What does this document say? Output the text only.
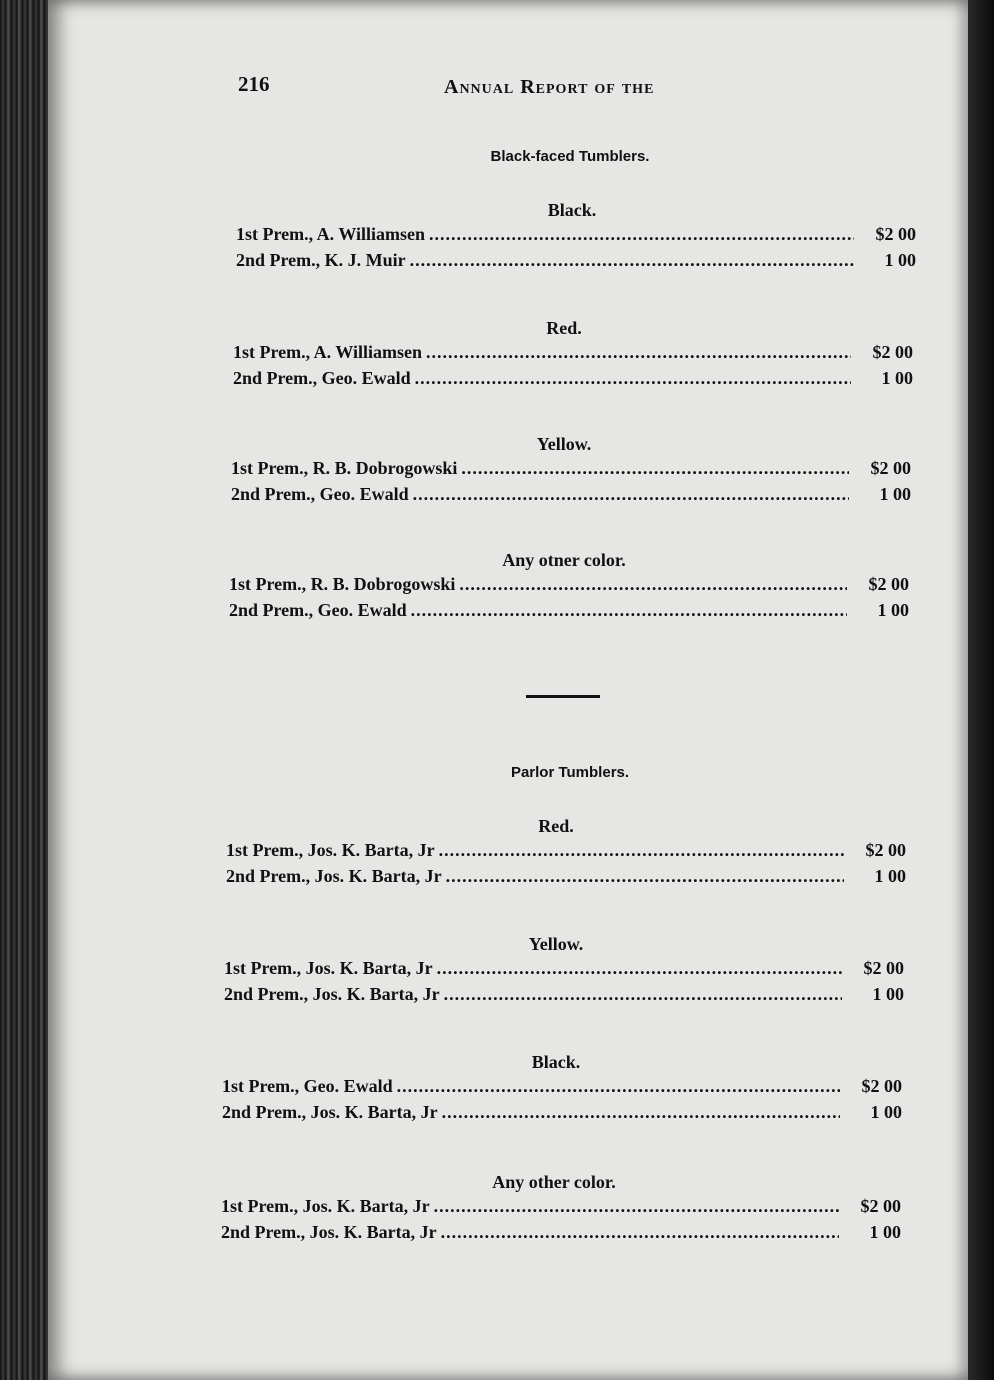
216	Annual Report of the
Black-faced Tumblers.
Black.
1st Prem., A. Williamsen .....	$2 00
2nd Prem., K. J. Muir .....	1 00
Red.
1st Prem., A. Williamsen .....	$2 00
2nd Prem., Geo. Ewald .....	1 00
Yellow.
1st Prem., R. B. Dobrogowski .....	$2 00
2nd Prem., Geo. Ewald .....	1 00
Any otner color.
1st Prem., R. B. Dobrogowski .....	$2 00
2nd Prem., Geo. Ewald .....	1 00
Parlor Tumblers.
Red.
1st Prem., Jos. K. Barta, Jr .....	$2 00
2nd Prem., Jos. K. Barta, Jr .....	1 00
Yellow.
1st Prem., Jos. K. Barta, Jr .....	$2 00
2nd Prem., Jos. K. Barta, Jr .....	1 00
Black.
1st Prem., Geo. Ewald .....	$2 00
2nd Prem., Jos. K. Barta, Jr .....	1 00
Any other color.
1st Prem., Jos. K. Barta, Jr .....	$2 00
2nd Prem., Jos. K. Barta, Jr .....	1 00
